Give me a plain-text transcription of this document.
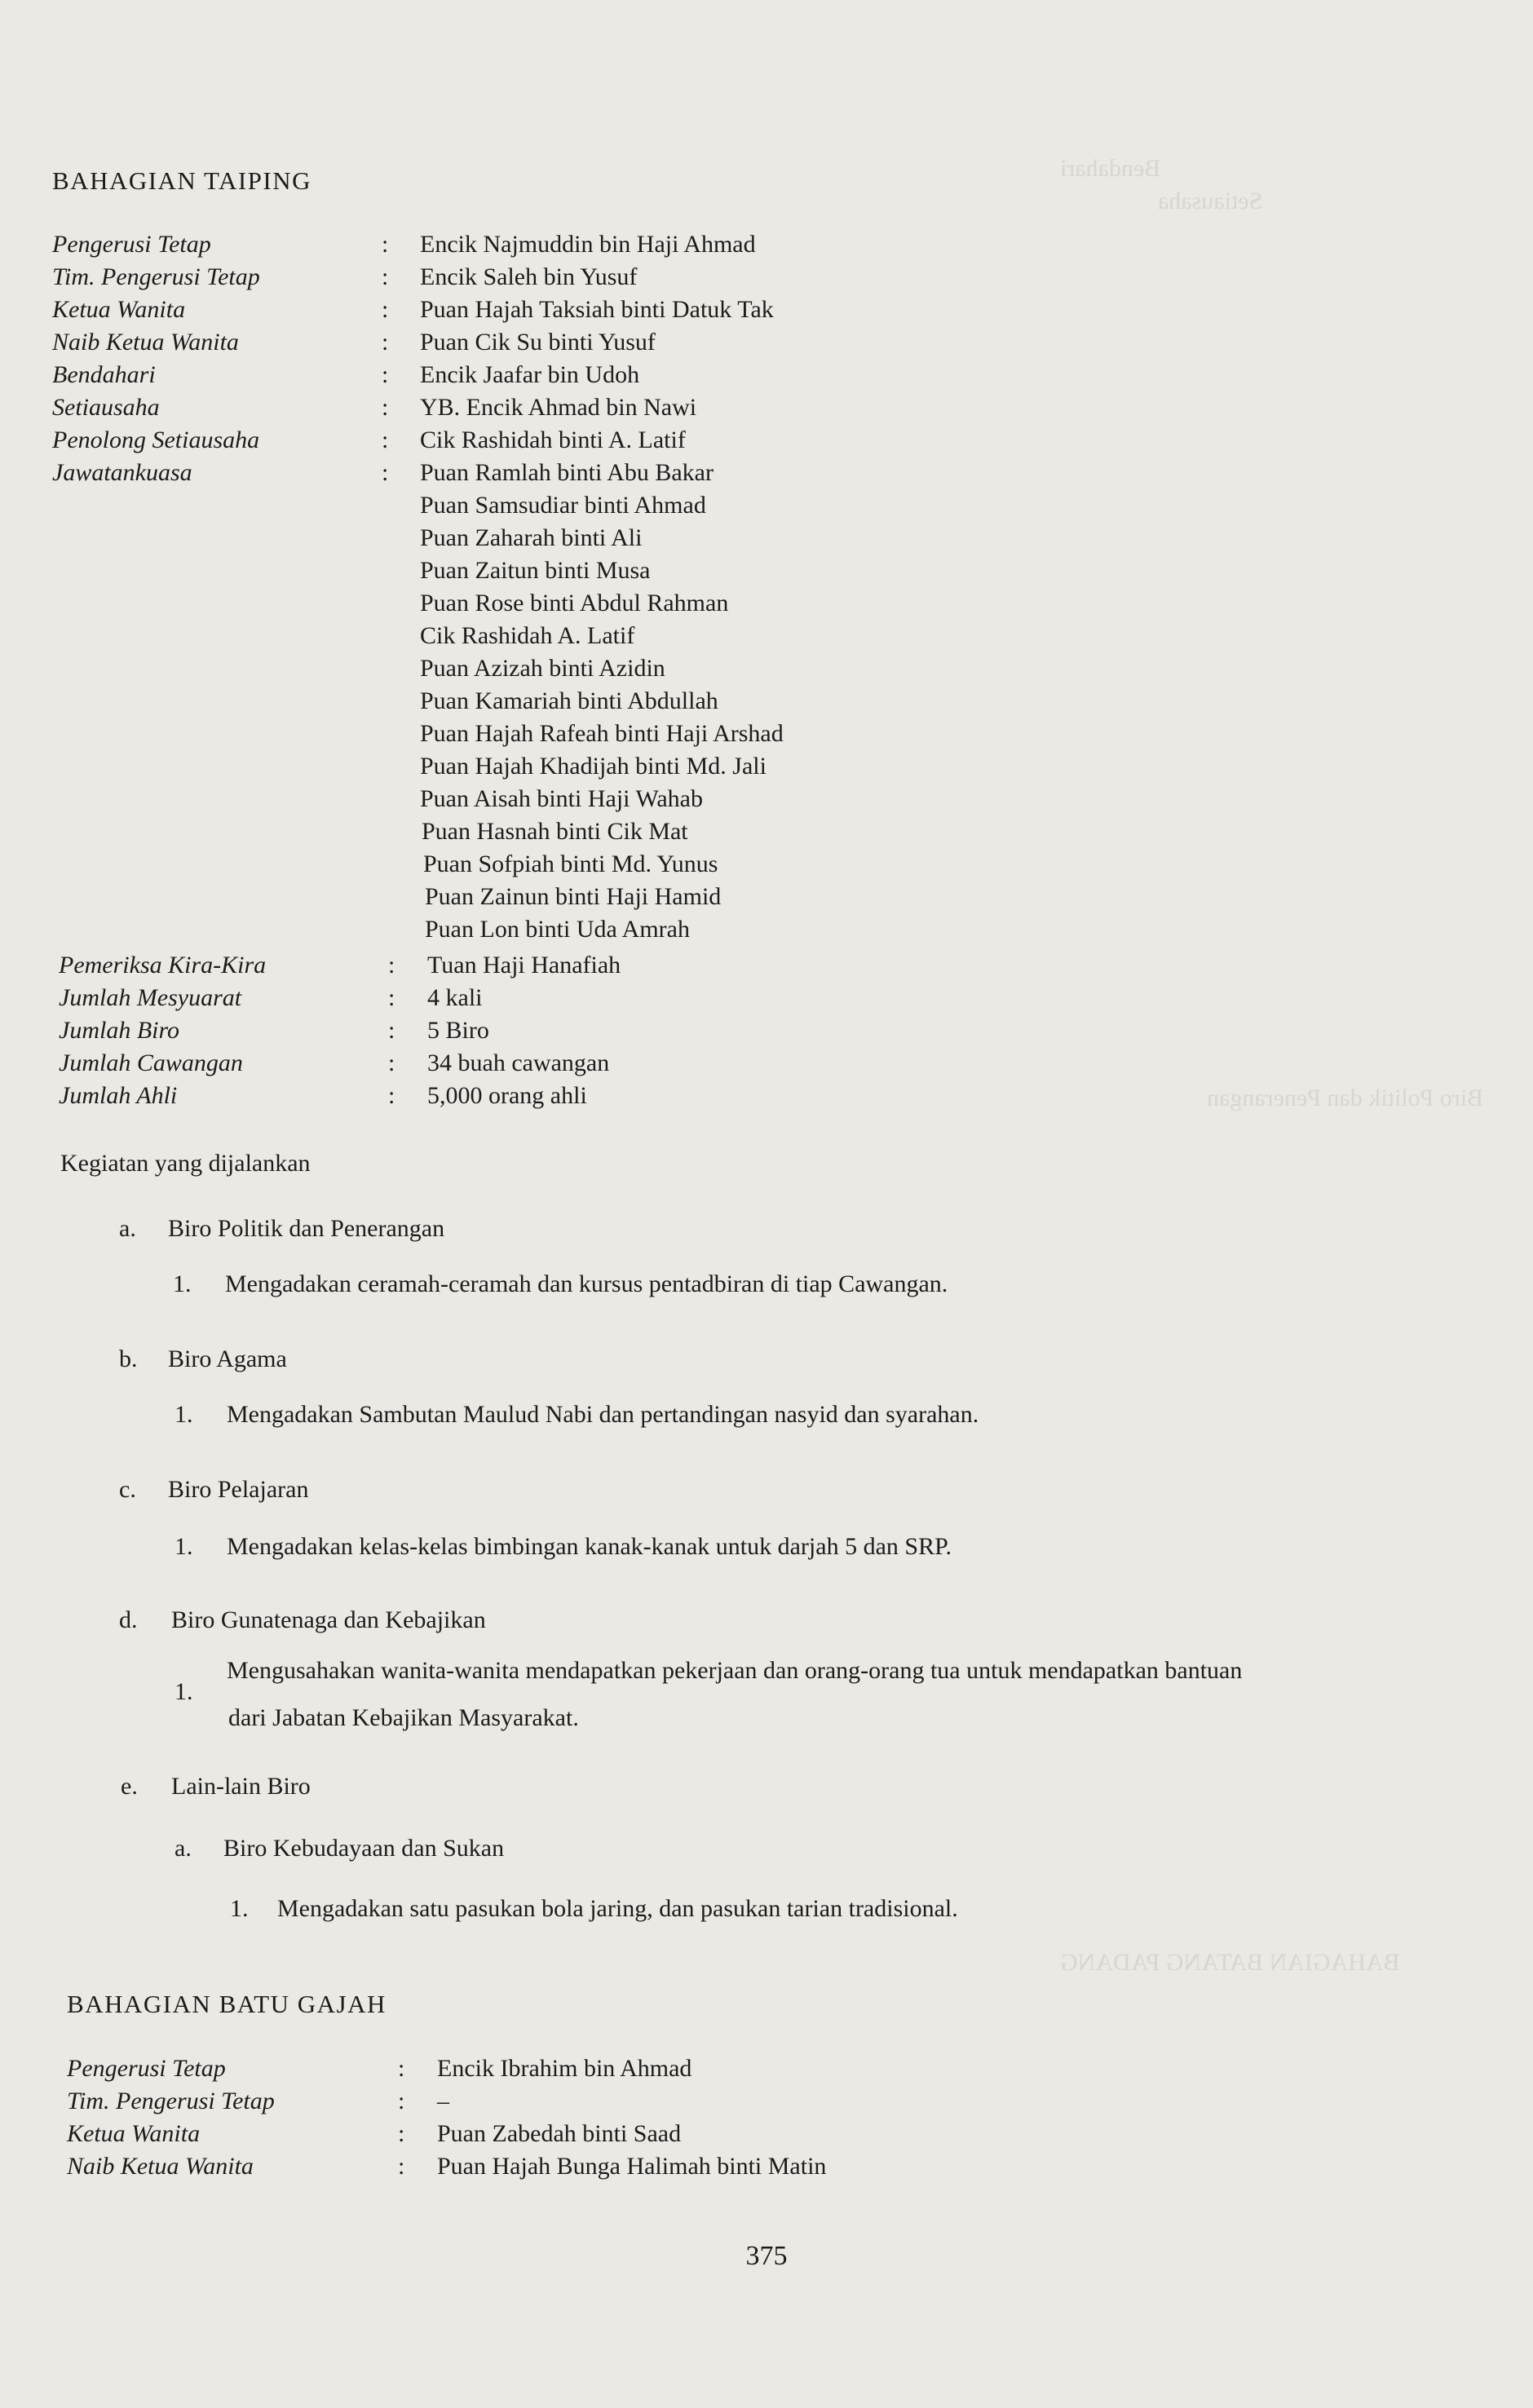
Bendahari
Setiausaha
Biro Politik dan Penerangan
BAHAGIAN BATANG PADANG
BAHAGIAN TAIPING
Pengerusi Tetap	: Encik Najmuddin bin Haji Ahmad
Tim. Pengerusi Tetap	: Encik Saleh bin Yusuf
Ketua Wanita	: Puan Hajah Taksiah binti Datuk Tak
Naib Ketua Wanita	: Puan Cik Su binti Yusuf
Bendahari	: Encik Jaafar bin Udoh
Setiausaha	: YB. Encik Ahmad bin Nawi
Penolong Setiausaha	: Cik Rashidah binti A. Latif
Jawatankuasa	: Puan Ramlah binti Abu Bakar
Puan Samsudiar binti Ahmad
Puan Zaharah binti Ali
Puan Zaitun binti Musa
Puan Rose binti Abdul Rahman
Cik Rashidah A. Latif
Puan Azizah binti Azidin
Puan Kamariah binti Abdullah
Puan Hajah Rafeah binti Haji Arshad
Puan Hajah Khadijah binti Md. Jali
Puan Aisah binti Haji Wahab
Puan Hasnah binti Cik Mat
Puan Sofpiah binti Md. Yunus
Puan Zainun binti Haji Hamid
Puan Lon binti Uda Amrah
Pemeriksa Kira-Kira	: Tuan Haji Hanafiah
Jumlah Mesyuarat	: 4 kali
Jumlah Biro	: 5 Biro
Jumlah Cawangan	: 34 buah cawangan
Jumlah Ahli	: 5,000 orang ahli
Kegiatan yang dijalankan
a. Biro Politik dan Penerangan
1. Mengadakan ceramah-ceramah dan kursus pentadbiran di tiap Cawangan.
b. Biro Agama
1. Mengadakan Sambutan Maulud Nabi dan pertandingan nasyid dan syarahan.
c. Biro Pelajaran
1. Mengadakan kelas-kelas bimbingan kanak-kanak untuk darjah 5 dan SRP.
d. Biro Gunatenaga dan Kebajikan
1.
Mengusahakan wanita-wanita mendapatkan pekerjaan dan orang-orang tua untuk mendapatkan bantuan
dari Jabatan Kebajikan Masyarakat.
e. Lain-lain Biro
a. Biro Kebudayaan dan Sukan
1. Mengadakan satu pasukan bola jaring, dan pasukan tarian tradisional.
BAHAGIAN BATU GAJAH
Pengerusi Tetap	: Encik Ibrahim bin Ahmad
Tim. Pengerusi Tetap	: –
Ketua Wanita	: Puan Zabedah binti Saad
Naib Ketua Wanita	: Puan Hajah Bunga Halimah binti Matin
375
